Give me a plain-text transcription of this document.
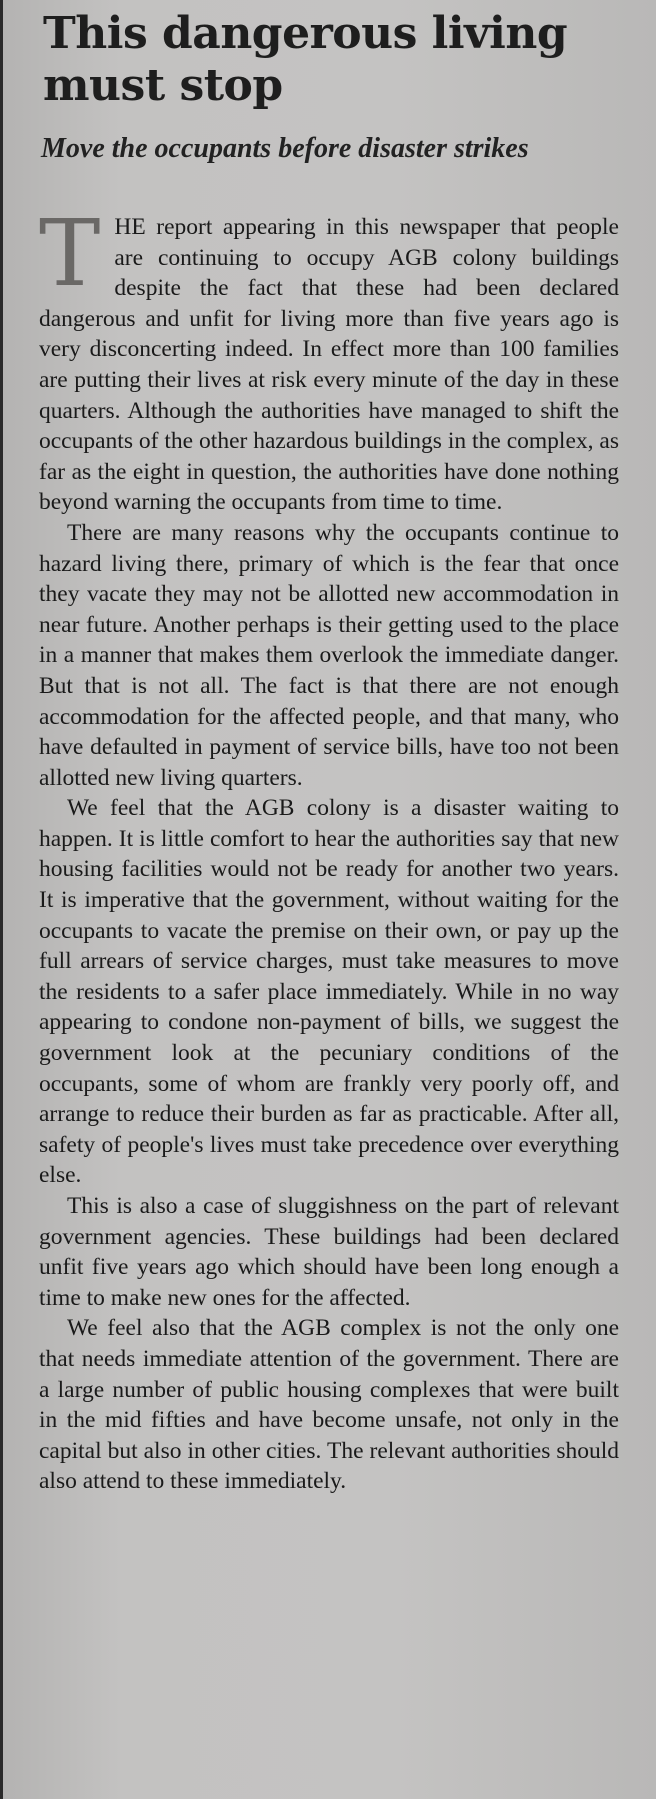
This dangerous living must stop
Move the occupants before disaster strikes

THE report appearing in this newspaper that people are continuing to occupy AGB colony buildings despite the fact that these had been declared dangerous and unfit for living more than five years ago is very disconcerting indeed. In effect more than 100 families are putting their lives at risk every minute of the day in these quarters. Although the authorities have managed to shift the occupants of the other hazardous buildings in the complex, as far as the eight in question, the authorities have done nothing beyond warning the occupants from time to time.

There are many reasons why the occupants continue to hazard living there, primary of which is the fear that once they vacate they may not be allotted new accommodation in near future. Another perhaps is their getting used to the place in a manner that makes them overlook the immediate danger. But that is not all. The fact is that there are not enough accommodation for the affected people, and that many, who have defaulted in payment of service bills, have too not been allotted new living quarters.

We feel that the AGB colony is a disaster waiting to happen. It is little comfort to hear the authorities say that new housing facilities would not be ready for another two years. It is imperative that the government, without waiting for the occupants to vacate the premise on their own, or pay up the full arrears of service charges, must take measures to move the residents to a safer place immediately. While in no way appearing to condone non-payment of bills, we suggest the government look at the pecuniary conditions of the occupants, some of whom are frankly very poorly off, and arrange to reduce their burden as far as practicable. After all, safety of people's lives must take precedence over everything else.

This is also a case of sluggishness on the part of relevant government agencies. These buildings had been declared unfit five years ago which should have been long enough a time to make new ones for the affected.

We feel also that the AGB complex is not the only one that needs immediate attention of the government. There are a large number of public housing complexes that were built in the mid fifties and have become unsafe, not only in the capital but also in other cities. The relevant authorities should also attend to these immediately.
